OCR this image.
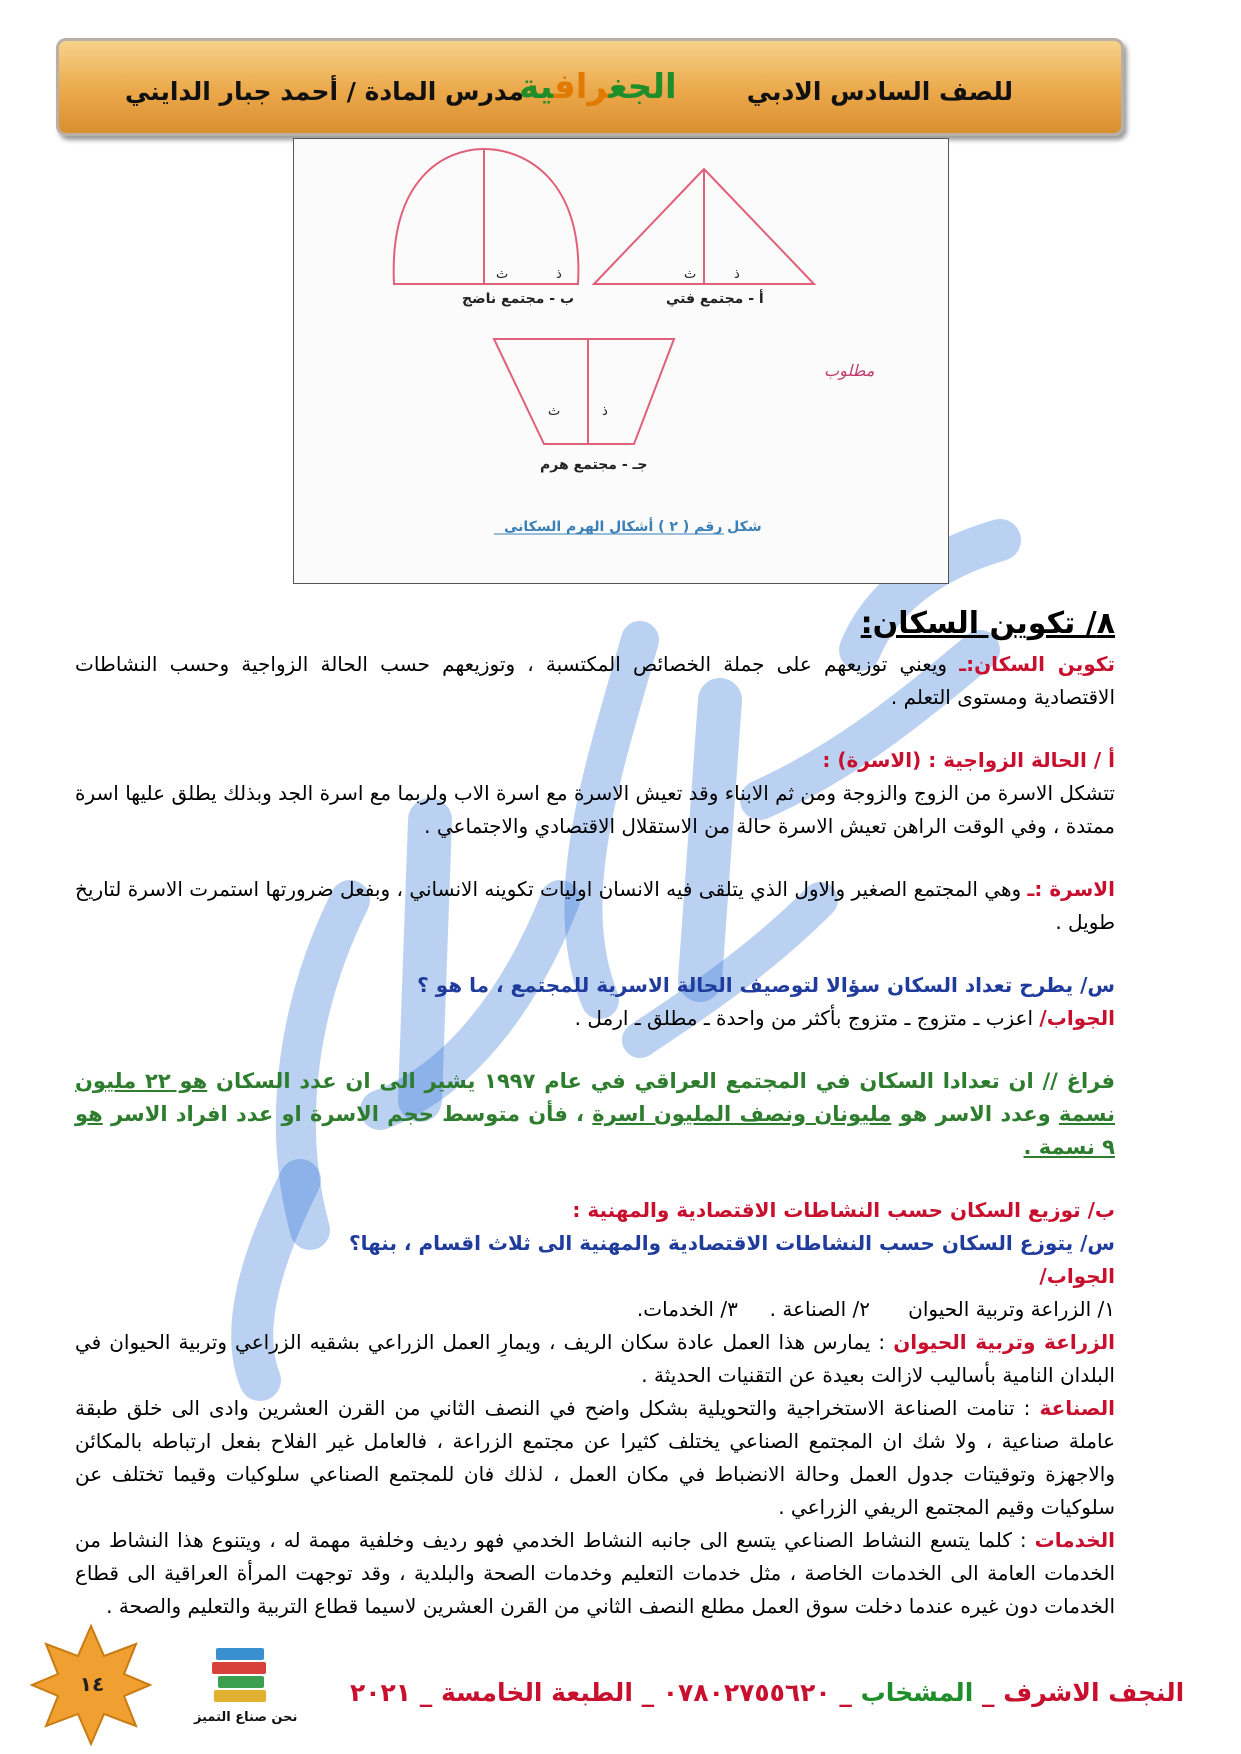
للصف السادس الادبي
الجغرافية
مدرس المادة / أحمد جبار الدايني
ذ
ث	ذ
ث
ذ
ث
ب - مجتمع ناضج	أ - مجتمع فتي
جـ - مجتمع هرم
مطلوب
شكل رقم ( ٢ ) أشكال الهرم السكاني
٨/ تكوين السكان:

تكوين السكان:ـ ويعني توزيعهم على جملة الخصائص المكتسبة ، وتوزيعهم حسب الحالة الزواجية وحسب النشاطات الاقتصادية ومستوى التعلم .

أ / الحالة الزواجية : (الاسرة) :

تتشكل الاسرة من الزوج والزوجة ومن ثم الابناء وقد تعيش الاسرة مع اسرة الاب ولربما مع اسرة الجد وبذلك يطلق عليها اسرة ممتدة ، وفي الوقت الراهن تعيش الاسرة حالة من الاستقلال الاقتصادي والاجتماعي .

الاسرة :ـ وهي المجتمع الصغير والاول الذي يتلقى فيه الانسان اوليات تكوينه الانساني ، وبفعل ضرورتها استمرت الاسرة لتاريخ طويل .

س/ يطرح تعداد السكان سؤالا لتوصيف الحالة الاسرية للمجتمع ، ما هو ؟

الجواب/ اعزب ـ متزوج ـ متزوج بأكثر من واحدة ـ مطلق ـ ارمل .

فراغ // ان تعدادا السكان في المجتمع العراقي في عام ١٩٩٧ يشير الى ان عدد السكان هو ٢٢ مليون نسمة وعدد الاسر هو مليونان ونصف المليون اسرة ، فأن متوسط حجم الاسرة او عدد افراد الاسر هو ٩ نسمة .

ب/ توزيع السكان حسب النشاطات الاقتصادية والمهنية :

س/ يتوزع السكان حسب النشاطات الاقتصادية والمهنية الى ثلاث اقسام ، بنها؟

الجواب/

١/ الزراعة وتربية الحيوان      ٢/ الصناعة .     ٣/ الخدمات.

الزراعة وتربية الحيوان : يمارس هذا العمل عادة سكان الريف ، ويمارِ العمل الزراعي بشقيه الزراعي وتربية الحيوان في البلدان النامية بأساليب لازالت بعيدة عن التقنيات الحديثة .

الصناعة : تنامت الصناعة الاستخراجية والتحويلية بشكل واضح في النصف الثاني من القرن العشرين وادى الى خلق طبقة عاملة صناعية ، ولا شك ان المجتمع الصناعي يختلف كثيرا عن مجتمع الزراعة ، فالعامل غير الفلاح بفعل ارتباطه بالمكائن والاجهزة وتوقيتات جدول العمل وحالة الانضباط في مكان العمل ، لذلك فان للمجتمع الصناعي سلوكيات وقيما تختلف عن سلوكيات وقيم المجتمع الريفي الزراعي .

الخدمات : كلما يتسع النشاط الصناعي يتسع الى جانبه النشاط الخدمي فهو رديف وخلفية مهمة له ، ويتنوع هذا النشاط من الخدمات العامة الى الخدمات الخاصة ، مثل خدمات التعليم وخدمات الصحة والبلدية ، وقد توجهت المرأة العراقية الى قطاع الخدمات دون غيره عندما دخلت سوق العمل مطلع النصف الثاني من القرن العشرين لاسيما قطاع التربية والتعليم والصحة .

١٤
نحن صناع التميز
النجف الاشرف _ المشخاب _ ٠٧٨٠٢٧٥٥٦٢٠ _ الطبعة الخامسة _ ٢٠٢١
